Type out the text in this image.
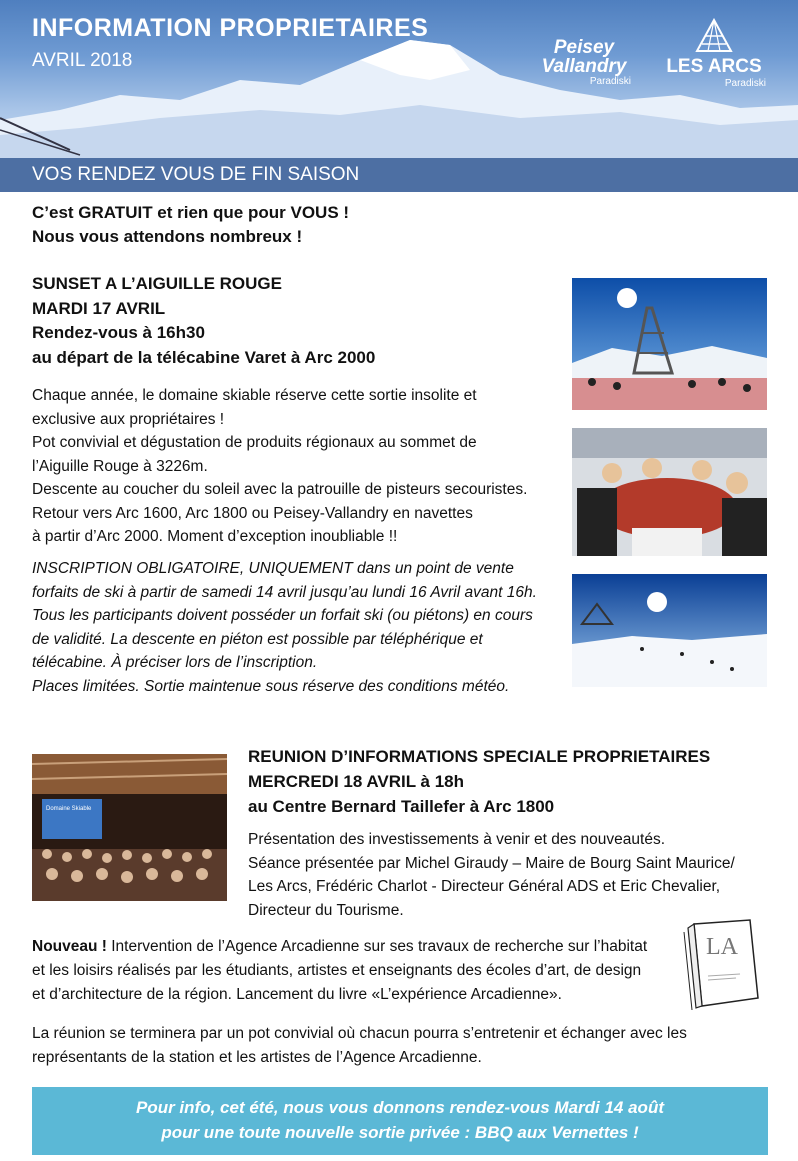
INFORMATION PROPRIETAIRES
AVRIL 2018
Peisey
Vallandry
Paradiski
LES ARCS
Paradiski
VOS RENDEZ VOUS DE FIN SAISON
C’est GRATUIT et rien que pour VOUS !
Nous vous attendons nombreux !
SUNSET A L’AIGUILLE ROUGE
MARDI 17 AVRIL
Rendez-vous à 16h30
au départ de la télécabine Varet à Arc 2000
Chaque année, le domaine skiable réserve cette sortie insolite et
exclusive aux propriétaires !
Pot convivial et dégustation de produits régionaux au sommet de
l’Aiguille Rouge à 3226m.
Descente au coucher du soleil avec la patrouille de pisteurs secouristes.
Retour vers Arc 1600, Arc 1800 ou Peisey-Vallandry en navettes
à partir d’Arc 2000. Moment d’exception inoubliable !!
INSCRIPTION OBLIGATOIRE, UNIQUEMENT dans un point de vente
forfaits de ski à partir de samedi 14 avril jusqu’au lundi 16 Avril avant 16h.
Tous les participants doivent posséder un forfait ski (ou piétons) en cours
de validité. La descente en piéton est possible par téléphérique et
télécabine. À préciser lors de l’inscription.
Places limitées. Sortie maintenue sous réserve des conditions météo.
Domaine Skiable
REUNION D’INFORMATIONS SPECIALE PROPRIETAIRES
MERCREDI 18 AVRIL à 18h
au Centre Bernard Taillefer à Arc 1800
Présentation des investissements à venir et des nouveautés.
Séance présentée par Michel Giraudy – Maire de Bourg Saint Maurice/
Les Arcs, Frédéric Charlot - Directeur Général ADS et Eric Chevalier,
Directeur du Tourisme.
Nouveau ! Intervention de l’Agence Arcadienne sur ses travaux de recherche sur l’habitat
et les loisirs réalisés par les étudiants, artistes et enseignants des écoles d’art, de design
et d’architecture de la région. Lancement du livre «L’expérience Arcadienne».
LA
La réunion se terminera par un pot convivial où chacun pourra s’entretenir et échanger avec les
représentants de la station et les artistes de l’Agence Arcadienne.
Pour info, cet été, nous vous donnons rendez-vous Mardi 14 août
pour une toute nouvelle sortie privée : BBQ aux Vernettes !
